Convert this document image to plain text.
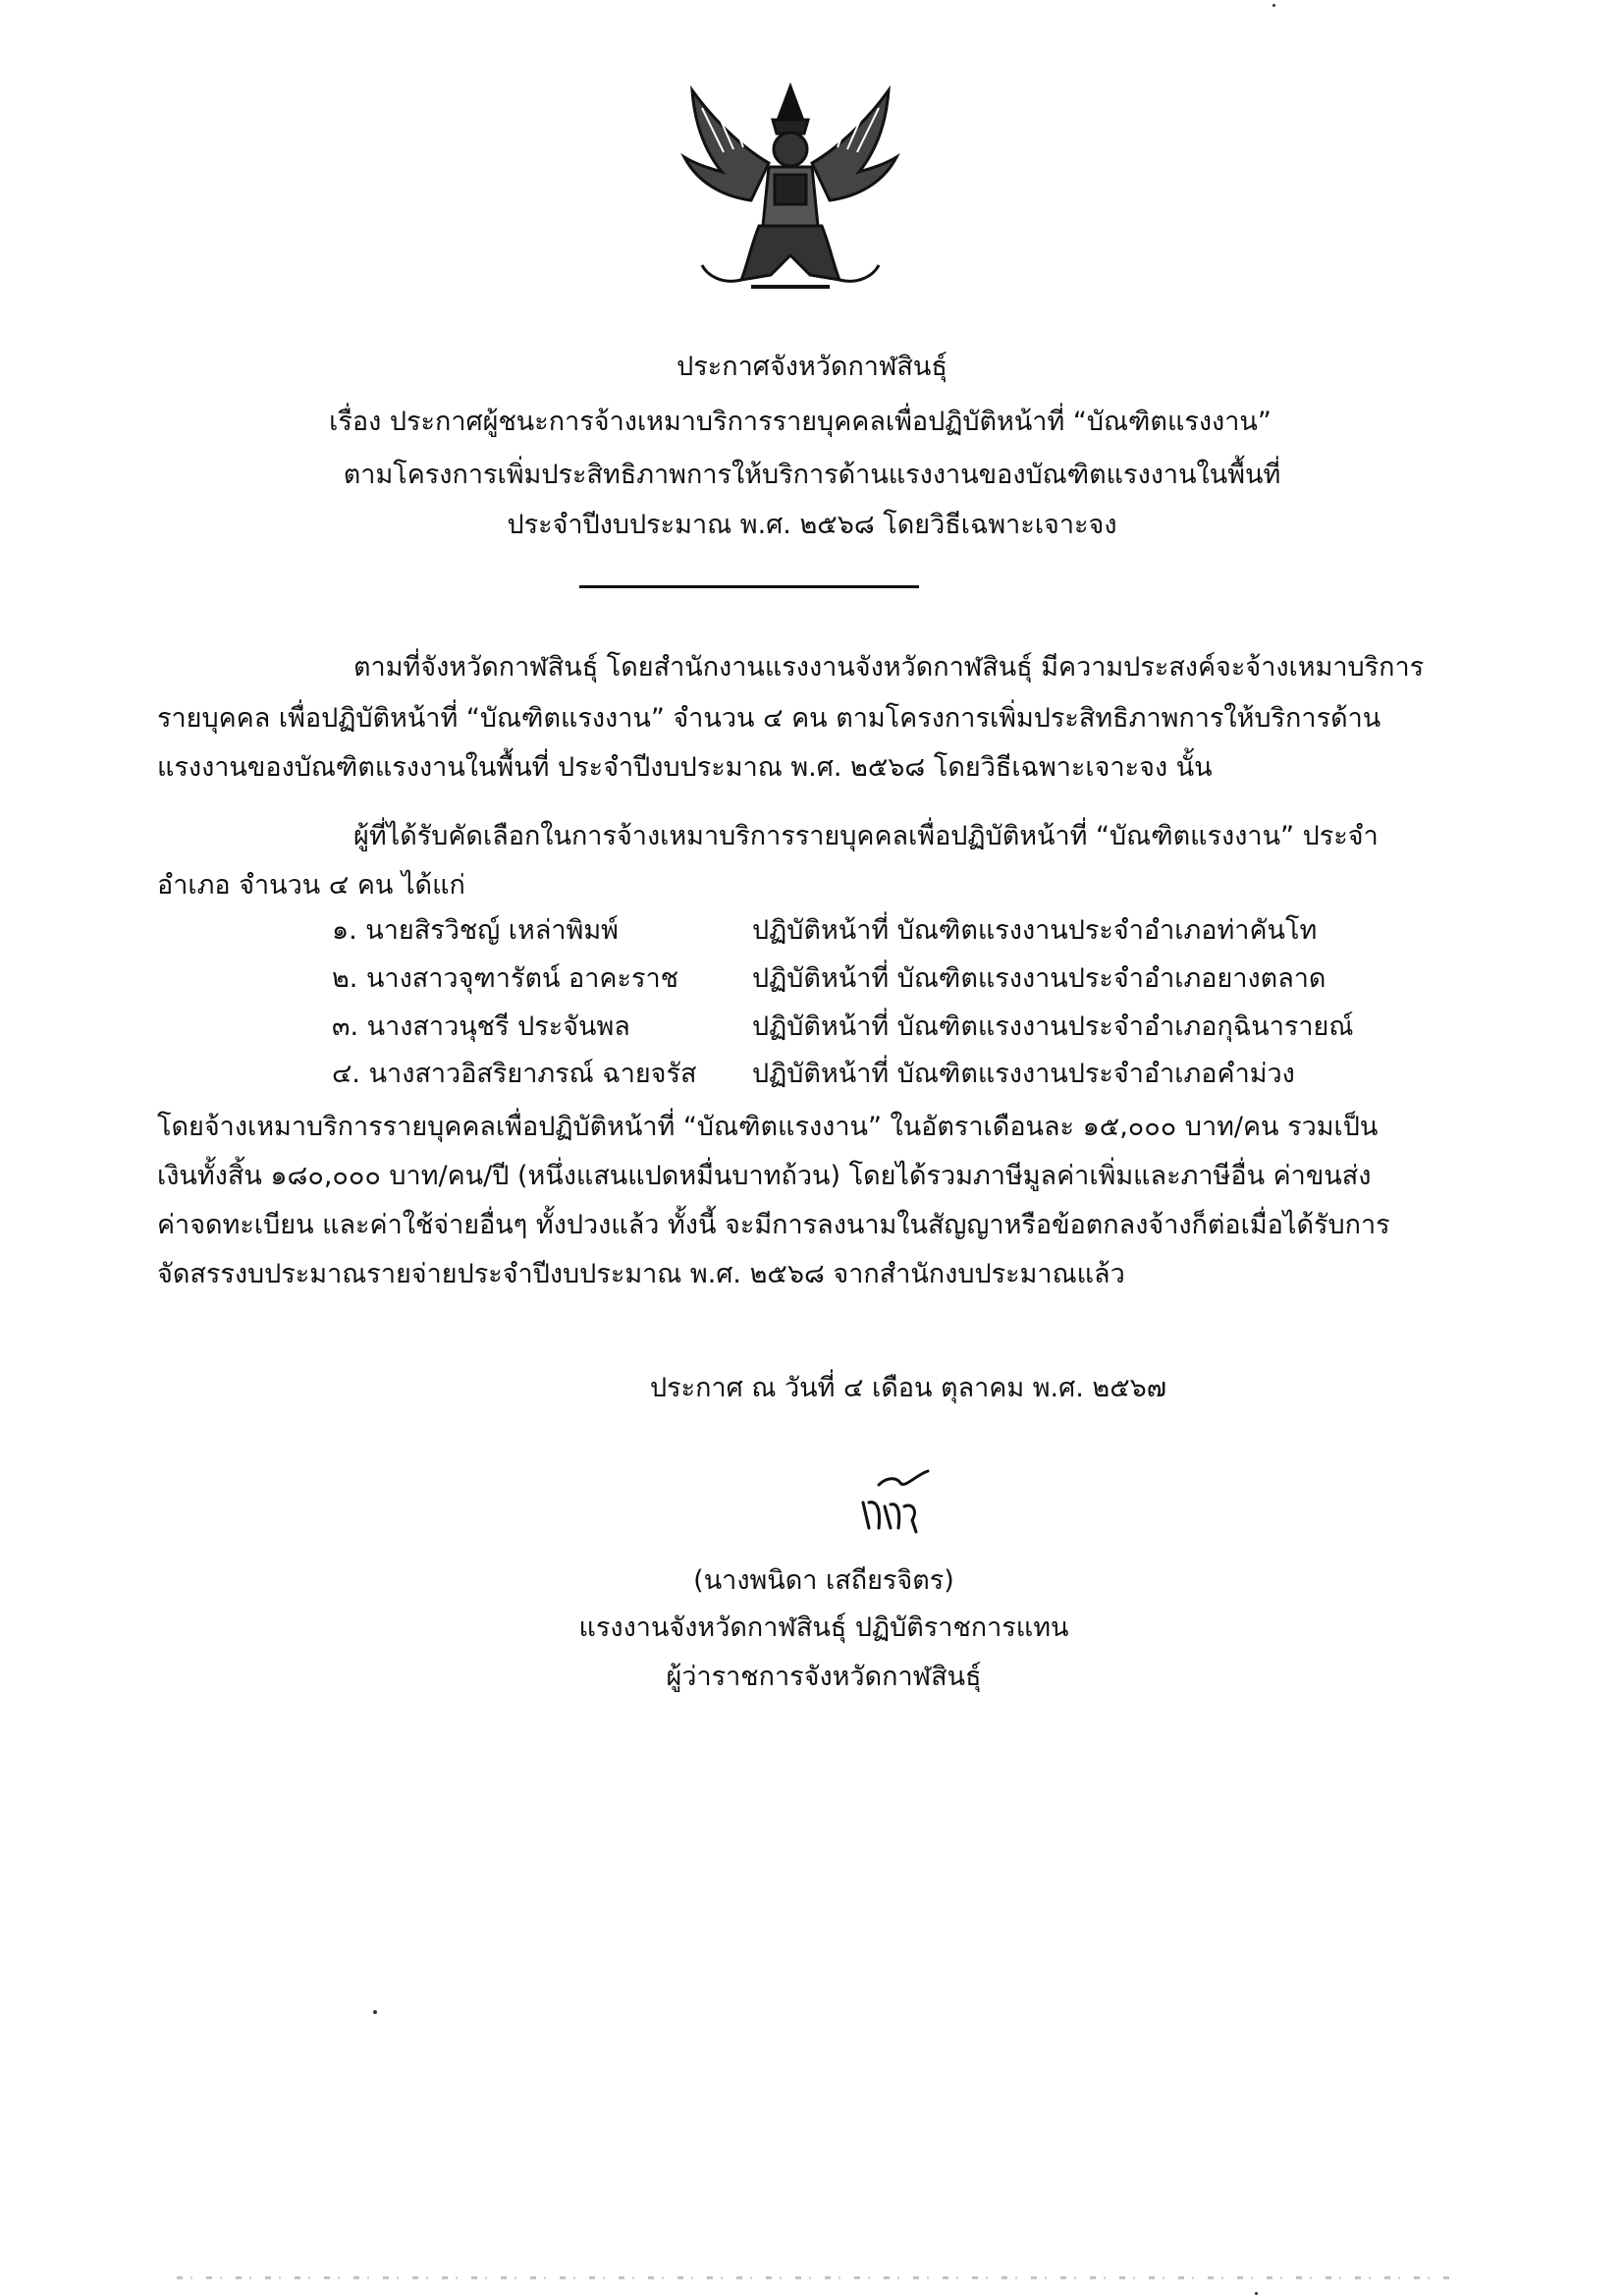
ประกาศจังหวัดกาฬสินธุ์
เรื่อง ประกาศผู้ชนะการจ้างเหมาบริการรายบุคคลเพื่อปฏิบัติหน้าที่ “บัณฑิตแรงงาน”
ตามโครงการเพิ่มประสิทธิภาพการให้บริการด้านแรงงานของบัณฑิตแรงงานในพื้นที่
ประจำปีงบประมาณ พ.ศ. ๒๕๖๘ โดยวิธีเฉพาะเจาะจง
ตามที่จังหวัดกาฬสินธุ์ โดยสำนักงานแรงงานจังหวัดกาฬสินธุ์ มีความประสงค์จะจ้างเหมาบริการ
รายบุคคล เพื่อปฏิบัติหน้าที่ “บัณฑิตแรงงาน” จำนวน ๔ คน ตามโครงการเพิ่มประสิทธิภาพการให้บริการด้าน
แรงงานของบัณฑิตแรงงานในพื้นที่ ประจำปีงบประมาณ พ.ศ. ๒๕๖๘ โดยวิธีเฉพาะเจาะจง นั้น
ผู้ที่ได้รับคัดเลือกในการจ้างเหมาบริการรายบุคคลเพื่อปฏิบัติหน้าที่ “บัณฑิตแรงงาน” ประจำ
อำเภอ จำนวน ๔ คน ได้แก่
๑. นายสิรวิชญ์ เหล่าพิมพ์	ปฏิบัติหน้าที่ บัณฑิตแรงงานประจำอำเภอท่าคันโท
๒. นางสาวจุฑารัตน์ อาคะราช	ปฏิบัติหน้าที่ บัณฑิตแรงงานประจำอำเภอยางตลาด
๓. นางสาวนุชรี ประจันพล	ปฏิบัติหน้าที่ บัณฑิตแรงงานประจำอำเภอกุฉินารายณ์
๔. นางสาวอิสริยาภรณ์ ฉายจรัส ปฏิบัติหน้าที่ บัณฑิตแรงงานประจำอำเภอคำม่วง
โดยจ้างเหมาบริการรายบุคคลเพื่อปฏิบัติหน้าที่ “บัณฑิตแรงงาน” ในอัตราเดือนละ ๑๕,๐๐๐ บาท/คน รวมเป็น
เงินทั้งสิ้น ๑๘๐,๐๐๐ บาท/คน/ปี (หนึ่งแสนแปดหมื่นบาทถ้วน) โดยได้รวมภาษีมูลค่าเพิ่มและภาษีอื่น ค่าขนส่ง
ค่าจดทะเบียน และค่าใช้จ่ายอื่นๆ ทั้งปวงแล้ว ทั้งนี้ จะมีการลงนามในสัญญาหรือข้อตกลงจ้างก็ต่อเมื่อได้รับการ
จัดสรรงบประมาณรายจ่ายประจำปีงบประมาณ พ.ศ. ๒๕๖๘ จากสำนักงบประมาณแล้ว
ประกาศ ณ วันที่ ๔ เดือน ตุลาคม พ.ศ. ๒๕๖๗
(นางพนิดา เสถียรจิตร)
แรงงานจังหวัดกาฬสินธุ์ ปฏิบัติราชการแทน
ผู้ว่าราชการจังหวัดกาฬสินธุ์
